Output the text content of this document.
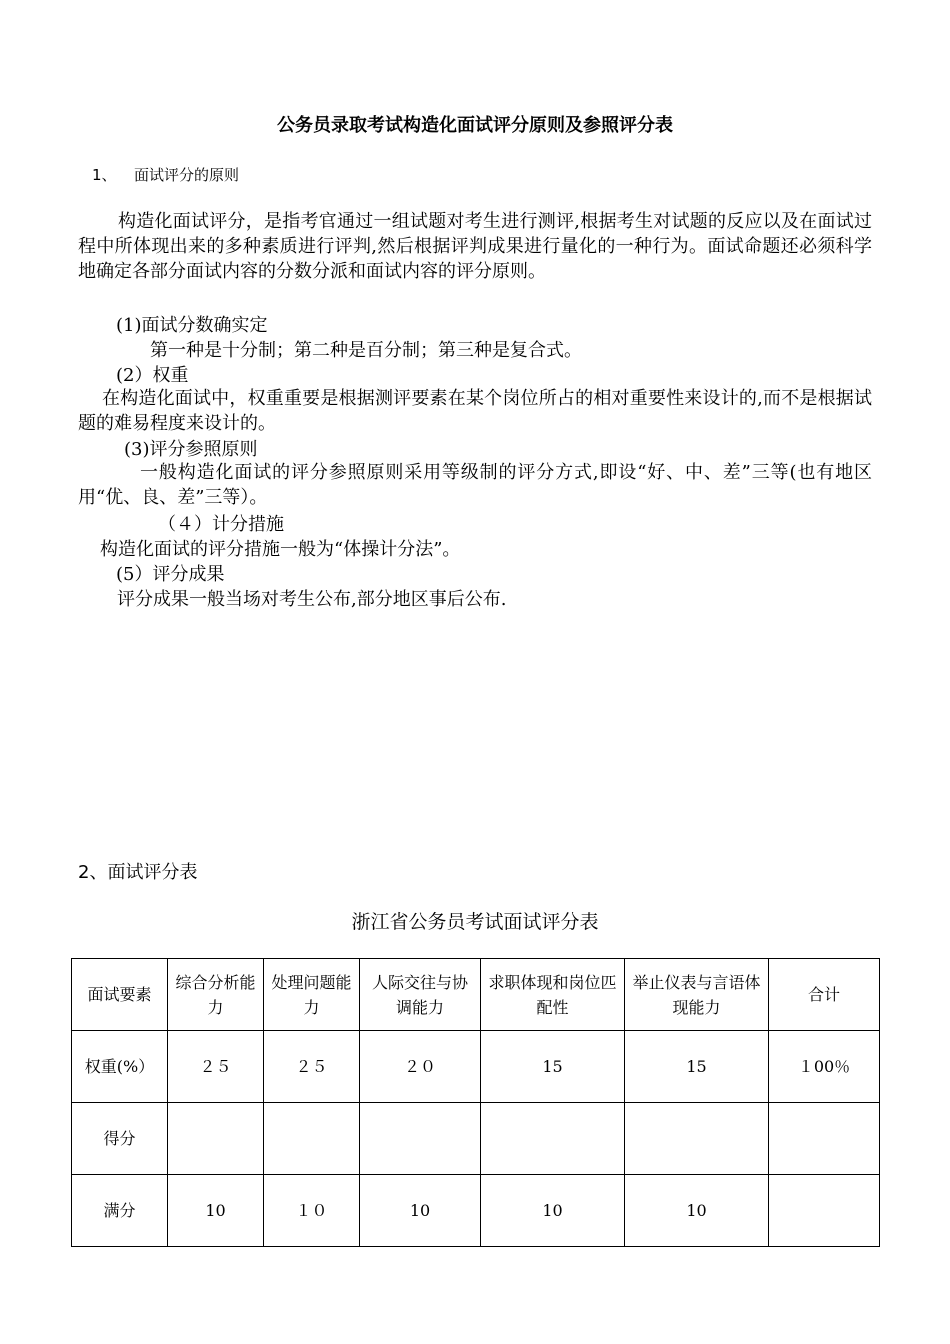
公务员录取考试构造化面试评分原则及参照评分表
1、 面试评分的原则

构造化面试评分，是指考官通过一组试题对考生进行测评,根据考生对试题的反应以及在面试过程中所体现出来的多种素质进行评判,然后根据评判成果进行量化的一种行为。面试命题还必须科学地确定各部分面试内容的分数分派和面试内容的评分原则。

(1)面试分数确实定

第一种是十分制；第二种是百分制；第三种是复合式。

(2）权重

在构造化面试中，权重重要是根据测评要素在某个岗位所占的相对重要性来设计的,而不是根据试题的难易程度来设计的。

(3)评分参照原则

一般构造化面试的评分参照原则采用等级制的评分方式,即设“好、中、差”三等(也有地区用“优、良、差”三等）。

（４）计分措施

构造化面试的评分措施一般为“体操计分法”。

(5）评分成果

评分成果一般当场对考生公布,部分地区事后公布.

2、面试评分表
浙江省公务员考试面试评分表
面试要素	综合分析能力	处理问题能力	人际交往与协调能力	求职体现和岗位匹配性	举止仪表与言语体现能力	合计
权重(%）	２５	２５	２０	15	15	１00％
得分						
满分	10	１０	10	10	10	
